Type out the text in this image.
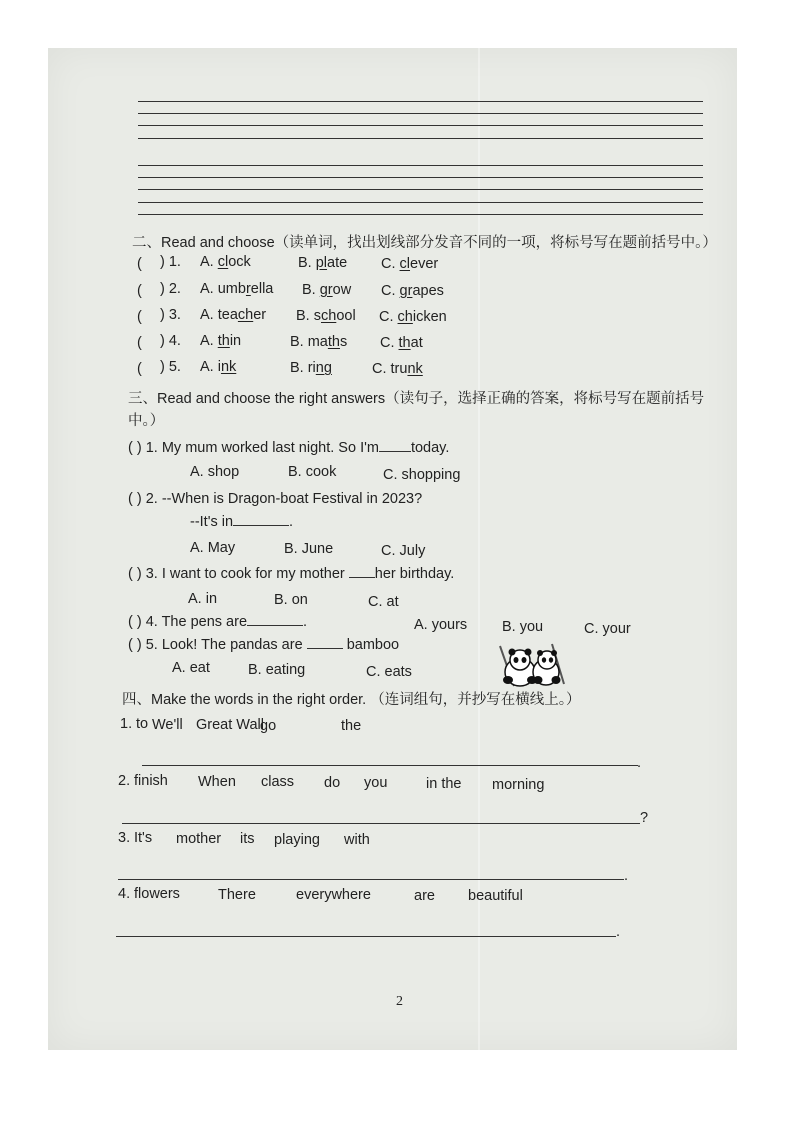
二、Read and choose（读单词，找出划线部分发音不同的一项，将标号写在题前括号中。）
( ) 1. A. clock	B. plate C. clever
( ) 2. A. umbrella B. grow C. grapes
( ) 3. A. teacher B. school C. chicken
( ) 4. A. thin	B. maths C. that
( ) 5. A. ink	B. ring	C. trunk
三、Read and choose the right answers（读句子，选择正确的答案，将标号写在题前括号
中。）
( ) 1. My mum worked last night. So I'm today.
A. shop	B. cook	C. shopping
( ) 2. --When is Dragon-boat Festival in 2023?
--It's in	.
A. May	B. June	C. July
( ) 3. I want to cook for my mother her birthday.
A. in	B. on	C. at
( ) 4. The pens are	.	A. yours B. you	C. your
( ) 5. Look! The pandas are	bamboo
A. eat	B. eating	C. eats
四、Make the words in the right order. （连词组句，并抄写在横线上。）
1. to We'll Great Wall
go	the
.
2. finish When class do you	in the morning
?
3. It's mother its playing with
.
4. flowers	There	everywhere	are beautiful
.
2
